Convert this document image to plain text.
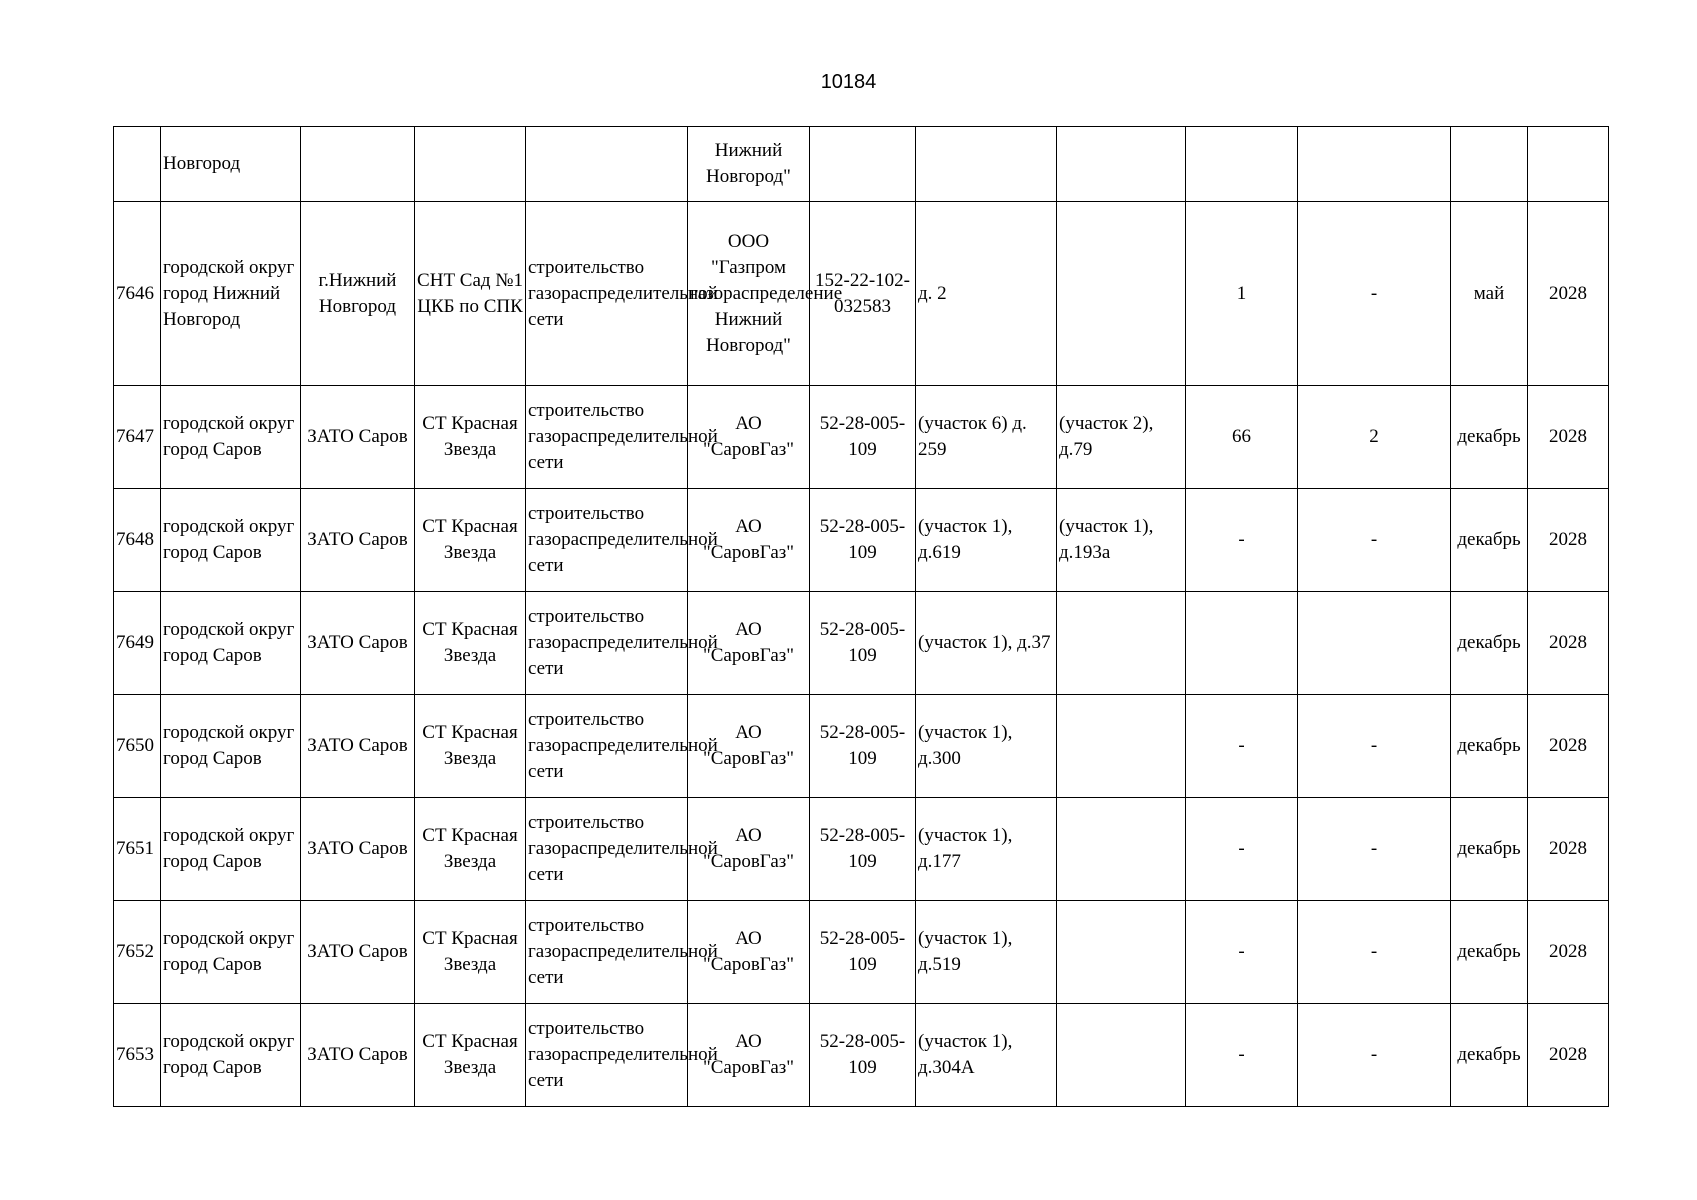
10184
	Новгород				Нижний Новгород"							
7646	городской округ город Нижний Новгород	г.Нижний Новгород	СНТ Сад №1 ЦКБ по СПК	строительство газораспределительной сети	ООО "Газпром газораспределение Нижний Новгород"	152-22-102-032583	д. 2		1	-	май	2028
7647	городской округ город Саров	ЗАТО Саров	СТ Красная Звезда	строительство газораспределительной сети	АО "СаровГаз"	52-28-005-109	(участок 6) д. 259	(участок 2), д.79	66	2	декабрь	2028
7648	городской округ город Саров	ЗАТО Саров	СТ Красная Звезда	строительство газораспределительной сети	АО "СаровГаз"	52-28-005-109	(участок 1), д.619	(участок 1), д.193а	-	-	декабрь	2028
7649	городской округ город Саров	ЗАТО Саров	СТ Красная Звезда	строительство газораспределительной сети	АО "СаровГаз"	52-28-005-109	(участок 1), д.37				декабрь	2028
7650	городской округ город Саров	ЗАТО Саров	СТ Красная Звезда	строительство газораспределительной сети	АО "СаровГаз"	52-28-005-109	(участок 1), д.300		-	-	декабрь	2028
7651	городской округ город Саров	ЗАТО Саров	СТ Красная Звезда	строительство газораспределительной сети	АО "СаровГаз"	52-28-005-109	(участок 1), д.177		-	-	декабрь	2028
7652	городской округ город Саров	ЗАТО Саров	СТ Красная Звезда	строительство газораспределительной сети	АО "СаровГаз"	52-28-005-109	(участок 1), д.519		-	-	декабрь	2028
7653	городской округ город Саров	ЗАТО Саров	СТ Красная Звезда	строительство газораспределительной сети	АО "СаровГаз"	52-28-005-109	(участок 1), д.304А		-	-	декабрь	2028
